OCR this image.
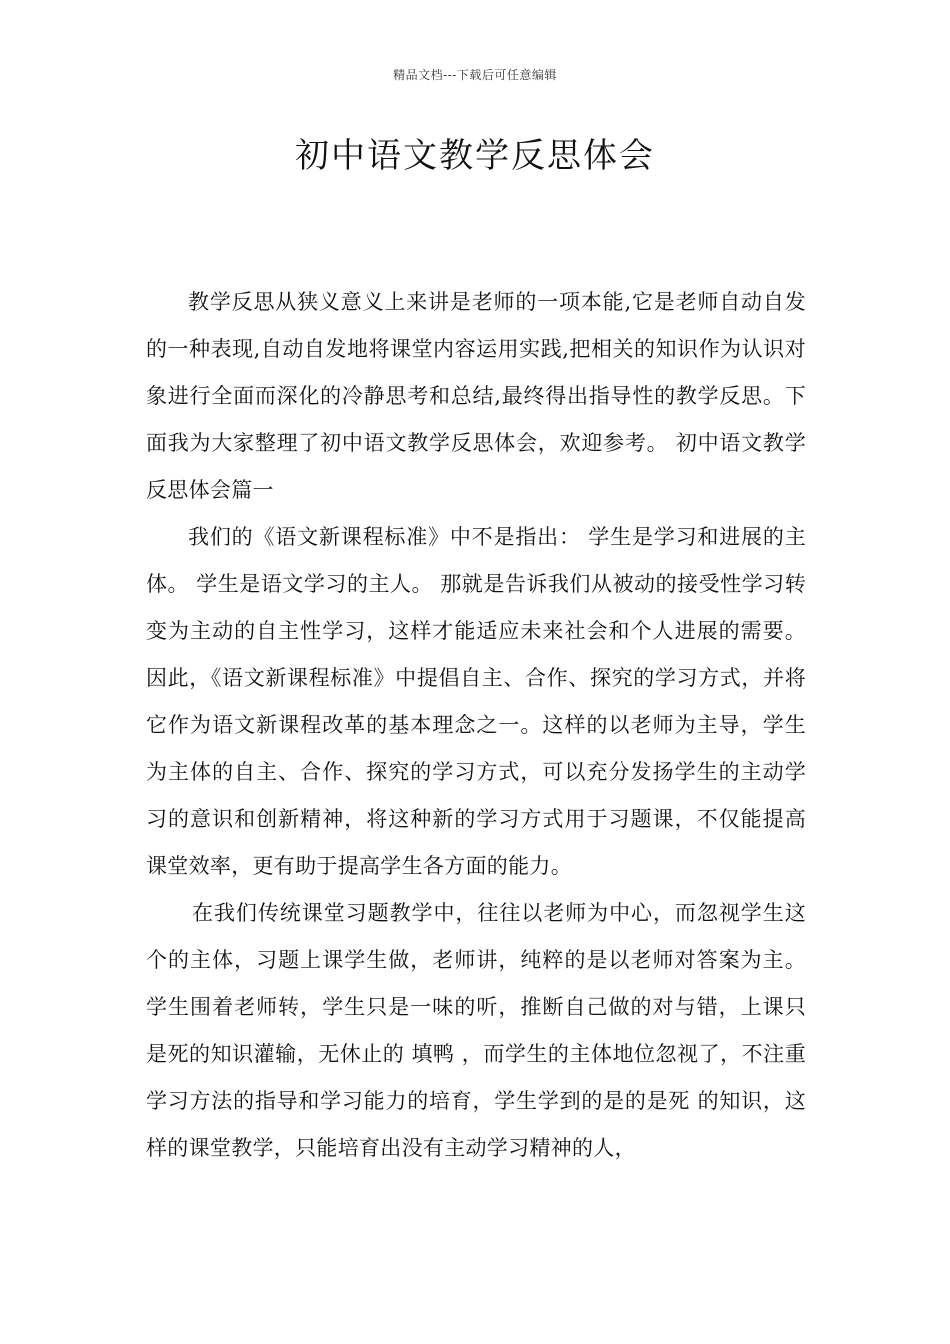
精品文档---下载后可任意编辑
初中语文教学反思体会

教学反思从狭义意义上来讲是老师的一项本能,它是老师自动自发的一种表现,自动自发地将课堂内容运用实践,把相关的知识作为认识对象进行全面而深化的冷静思考和总结,最终得出指导性的教学反思。下面我为大家整理了初中语文教学反思体会，欢迎参考。 初中语文教学反思体会篇一

我们的《语文新课程标准》中不是指出： 学生是学习和进展的主体。 学生是语文学习的主人。 那就是告诉我们从被动的接受性学习转变为主动的自主性学习，这样才能适应未来社会和个人进展的需要。因此，《语文新课程标准》中提倡自主、合作、探究的学习方式，并将它作为语文新课程改革的基本理念之一。这样的以老师为主导，学生为主体的自主、合作、探究的学习方式，可以充分发扬学生的主动学习的意识和创新精神，将这种新的学习方式用于习题课，不仅能提高课堂效率，更有助于提高学生各方面的能力。

在我们传统课堂习题教学中，往往以老师为中心，而忽视学生这个的主体，习题上课学生做，老师讲，纯粹的是以老师对答案为主。学生围着老师转，学生只是一味的听，推断自己做的对与错，上课只是死的知识灌输，无休止的 填鸭 ，而学生的主体地位忽视了，不注重学习方法的指导和学习能力的培育，学生学到的是的是死 的知识，这样的课堂教学，只能培育出没有主动学习精神的人，
